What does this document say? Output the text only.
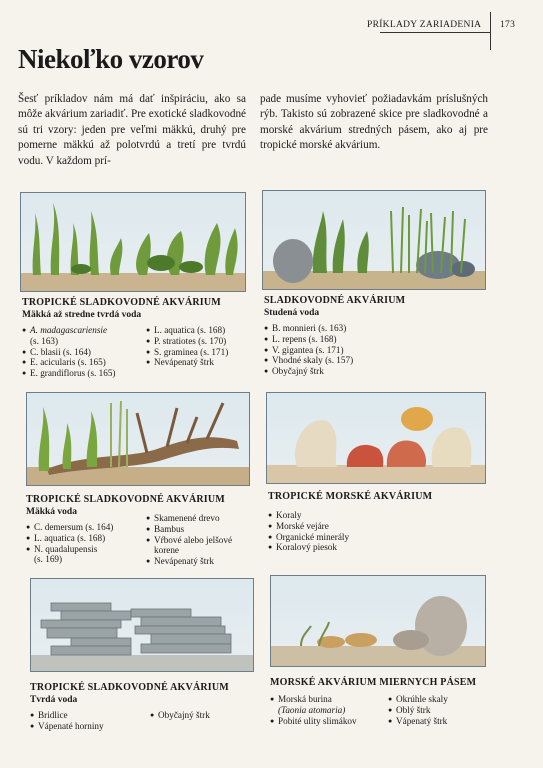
PRÍKLADY ZARIADENIA 173
Niekoľko vzorov

Šesť príkladov nám má dať inšpiráciu, ako sa môže akvárium zariadiť. Pre exotické sladkovodné sú tri vzory: jeden pre veľmi mäkkú, druhý pre pomerne mäkkú až polotvrdú a tretí pre tvrdú vodu. V každom prí-

pade musíme vyhovieť požiadavkám príslušných rýb. Takisto sú zobrazené skice pre sladkovodné a morské akvárium stredných pásem, ako aj pre tropické morské akvárium.

TROPICKÉ SLADKOVODNÉ AKVÁRIUM
Mäkká až stredne tvrdá voda
● A. madagascariensie
(s. 163)
● C. blasii (s. 164)
● E. acicularis (s. 165)
● E. grandiflorus (s. 165)
● L. aquatica (s. 168)
● P. stratiotes (s. 170)
● S. graminea (s. 171)
● Nevápenatý štrk
SLADKOVODNÉ AKVÁRIUM
Studená voda
● B. monnieri (s. 163)
● L. repens (s. 168)
● V. gigantea (s. 171)
● Vhodné skaly (s. 157)
● Obyčajný štrk
TROPICKÉ SLADKOVODNÉ AKVÁRIUM
Mäkká voda
● C. demersum (s. 164)
● L. aquatica (s. 168)
● N. quadalupensis
(s. 169)
● Skamenené drevo
● Bambus
● Vŕbové alebo jelšové
korene
● Nevápenatý štrk
TROPICKÉ MORSKÉ AKVÁRIUM
● Koraly
● Morské vejáre
● Organické minerály
● Koralový piesok
TROPICKÉ SLADKOVODNÉ AKVÁRIUM
Tvrdá voda
● Bridlice
● Vápenaté horniny
● Obyčajný štrk
MORSKÉ AKVÁRIUM MIERNYCH PÁSEM
● Morská burina
(Taonia atomaria)
● Pobité ulity slimákov
● Okrúhle skaly
● Oblý štrk
● Vápenatý štrk
